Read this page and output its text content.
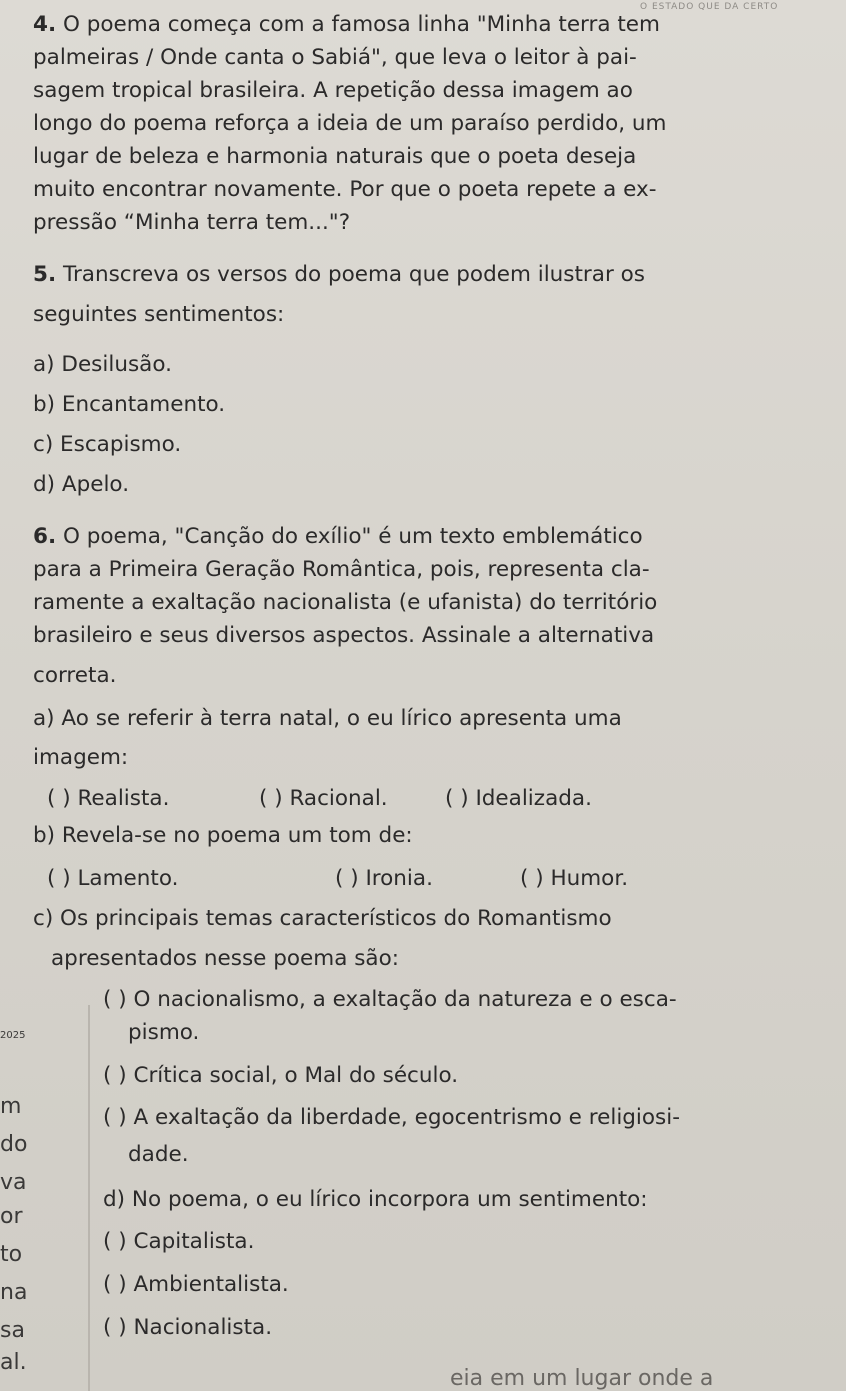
O ESTADO QUE DA CERTO
4. O poema começa com a famosa linha "Minha terra tem
palmeiras / Onde canta o Sabiá", que leva o leitor à pai-
sagem tropical brasileira. A repetição dessa imagem ao
longo do poema reforça a ideia de um paraíso perdido, um
lugar de beleza e harmonia naturais que o poeta deseja
muito encontrar novamente. Por que o poeta repete a ex-
pressão “Minha terra tem..."?
5. Transcreva os versos do poema que podem ilustrar os
seguintes sentimentos:
a) Desilusão.
b) Encantamento.
c) Escapismo.
d) Apelo.
6. O poema, "Canção do exílio" é um texto emblemático
para a Primeira Geração Romântica, pois, representa cla-
ramente a exaltação nacionalista (e ufanista) do território
brasileiro e seus diversos aspectos. Assinale a alternativa
correta.
a) Ao se referir à terra natal, o eu lírico apresenta uma
imagem:
( ) Realista.	( ) Racional.	( ) Idealizada.
b) Revela-se no poema um tom de:
( ) Lamento.	( ) Ironia.	( ) Humor.
c) Os principais temas característicos do Romantismo
apresentados nesse poema são:
( ) O nacionalismo, a exaltação da natureza e o esca-
pismo.
( ) Crítica social, o Mal do século.
( ) A exaltação da liberdade, egocentrismo e religiosi-
dade.
d) No poema, o eu lírico incorpora um sentimento:
( ) Capitalista.
( ) Ambientalista.
( ) Nacionalista.
2025
m
do
va
or
to
na
sa
al.
eia em um lugar onde a
